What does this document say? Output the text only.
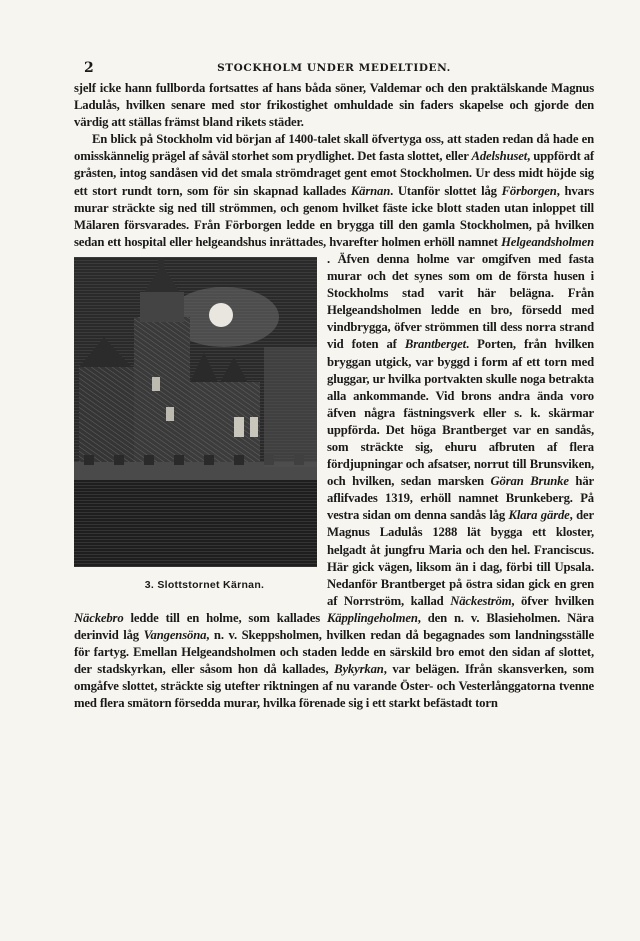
2	STOCKHOLM UNDER MEDELTIDEN.

sjelf icke hann fullborda fortsattes af hans båda söner, Valdemar och den praktälskande Magnus Ladulås, hvilken senare med stor frikostighet omhuldade sin faders skapelse och gjorde den värdig att ställas främst bland rikets städer.

En blick på Stockholm vid början af 1400-talet skall öfvertyga oss, att staden redan då hade en omisskännelig prägel af såväl storhet som prydlighet. Det fasta slottet, eller Adelshuset, uppfördt af gråsten, intog sandåsen vid det smala strömdraget gent emot Stockholmen. Ur dess midt höjde sig ett stort rundt torn, som för sin skapnad kallades Kärnan. Utanför slottet låg Förborgen, hvars murar sträckte sig ned till strömmen, och genom hvilket fäste icke blott staden utan inloppet till Mälaren försvarades. Från Förborgen ledde en brygga till den gamla Stockholmen, på hvilken sedan ett hospital eller helgeandshus inrättades, hvarefter holmen erhöll namnet Helgeandsholmen
3. Slottstornet Kärnan.
. Äfven denna holme var omgifven med fasta murar och det synes som om de första husen i Stockholms stad varit här belägna. Från Helgeandsholmen ledde en bro, försedd med vindbrygga, öfver strömmen till dess norra strand vid foten af Brantberget. Porten, från hvilken bryggan utgick, var byggd i form af ett torn med gluggar, ur hvilka portvakten skulle noga betrakta alla ankommande. Vid brons andra ända voro äfven några fästningsverk eller s. k. skärmar uppförda. Det höga Brantberget var en sandås, som sträckte sig, ehuru afbruten af flera fördjupningar och afsatser, norrut till Brunsviken, och hvilken, sedan marsken Göran Brunke här aflifvades 1319, erhöll namnet Brunkeberg. På vestra sidan om denna sandås låg Klara gärde, der Magnus Ladulås 1288 lät bygga ett kloster, helgadt åt jungfru Maria och den hel. Franciscus. Här gick vägen, liksom än i dag, förbi till Upsala. Nedanför Brantberget på östra sidan gick en gren af Norrström, kallad Näckeström, öfver hvilken Näckebro ledde till en holme, som kallades Käpplingeholmen, den n. v. Blasieholmen. Nära derinvid låg Vangensöna, n. v. Skeppsholmen, hvilken redan då begagnades som landningsställe för fartyg. Emellan Helgeandsholmen och staden ledde en särskild bro emot den sidan af slottet, der stadskyrkan, eller såsom hon då kallades, Bykyrkan, var belägen. Ifrån skansverken, som omgåfve slottet, sträckte sig utefter riktningen af nu varande Öster- och Vesterlånggatorna tvenne med flera smätorn försedda murar, hvilka förenade sig i ett starkt befästadt torn
